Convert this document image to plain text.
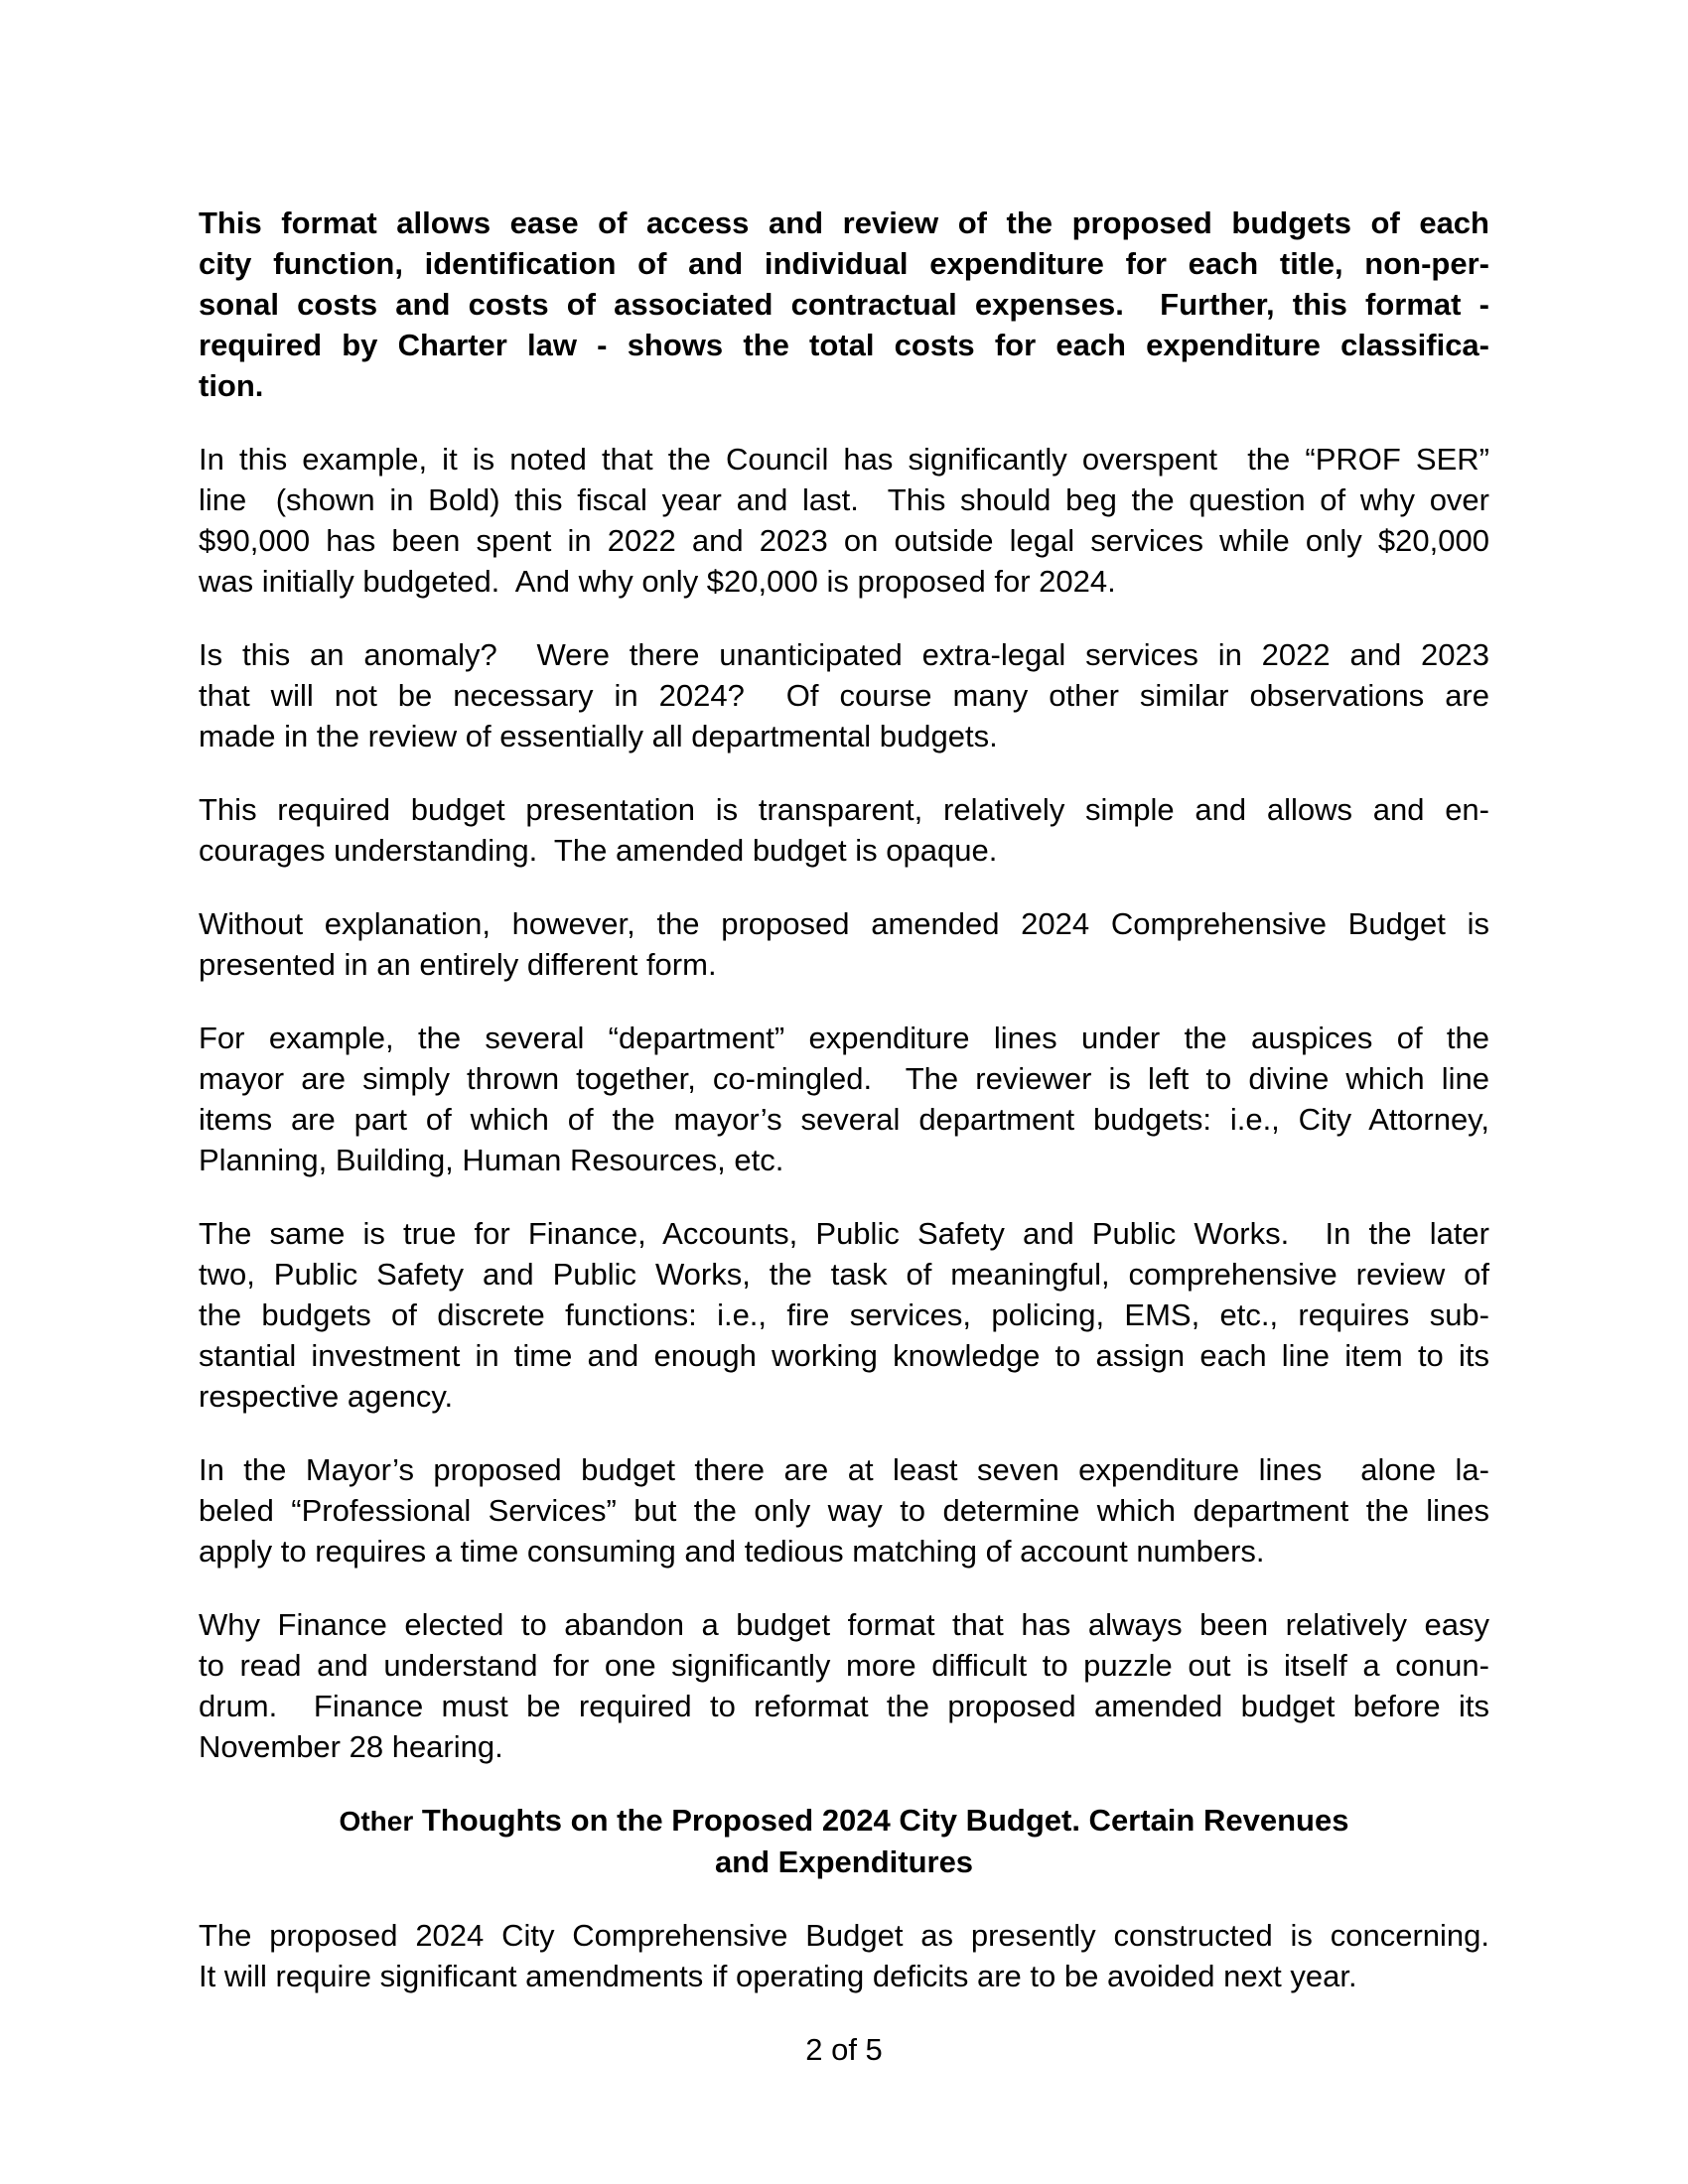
This format allows ease of access and review of the proposed budgets of each
city function, identification of and individual expenditure for each title, non-per-
sonal costs and costs of associated contractual expenses.  Further, this format -
required by Charter law - shows the total costs for each expenditure classifica-
tion.
In this example, it is noted that the Council has significantly overspent  the “PROF SER”
line  (shown in Bold) this fiscal year and last.  This should beg the question of why over
$90,000 has been spent in 2022 and 2023 on outside legal services while only $20,000
was initially budgeted.  And why only $20,000 is proposed for 2024.
Is this an anomaly?  Were there unanticipated extra-legal services in 2022 and 2023
that will not be necessary in 2024?  Of course many other similar observations are
made in the review of essentially all departmental budgets.
This required budget presentation is transparent, relatively simple and allows and en-
courages understanding.  The amended budget is opaque.
Without explanation, however, the proposed amended 2024 Comprehensive Budget is
presented in an entirely different form.
For example, the several “department” expenditure lines under the auspices of the
mayor are simply thrown together, co-mingled.  The reviewer is left to divine which line
items are part of which of the mayor’s several department budgets: i.e., City Attorney,
Planning, Building, Human Resources, etc.
The same is true for Finance, Accounts, Public Safety and Public Works.  In the later
two, Public Safety and Public Works, the task of meaningful, comprehensive review of
the budgets of discrete functions: i.e., fire services, policing, EMS, etc., requires sub-
stantial investment in time and enough working knowledge to assign each line item to its
respective agency.
In the Mayor’s proposed budget there are at least seven expenditure lines  alone la-
beled “Professional Services” but the only way to determine which department the lines
apply to requires a time consuming and tedious matching of account numbers.
Why Finance elected to abandon a budget format that has always been relatively easy
to read and understand for one significantly more difficult to puzzle out is itself a conun-
drum.  Finance must be required to reformat the proposed amended budget before its
November 28 hearing.
Other Thoughts on the Proposed 2024 City Budget. Certain Revenues
and Expenditures
The proposed 2024 City Comprehensive Budget as presently constructed is concerning.
It will require significant amendments if operating deficits are to be avoided next year.
2 of 5
